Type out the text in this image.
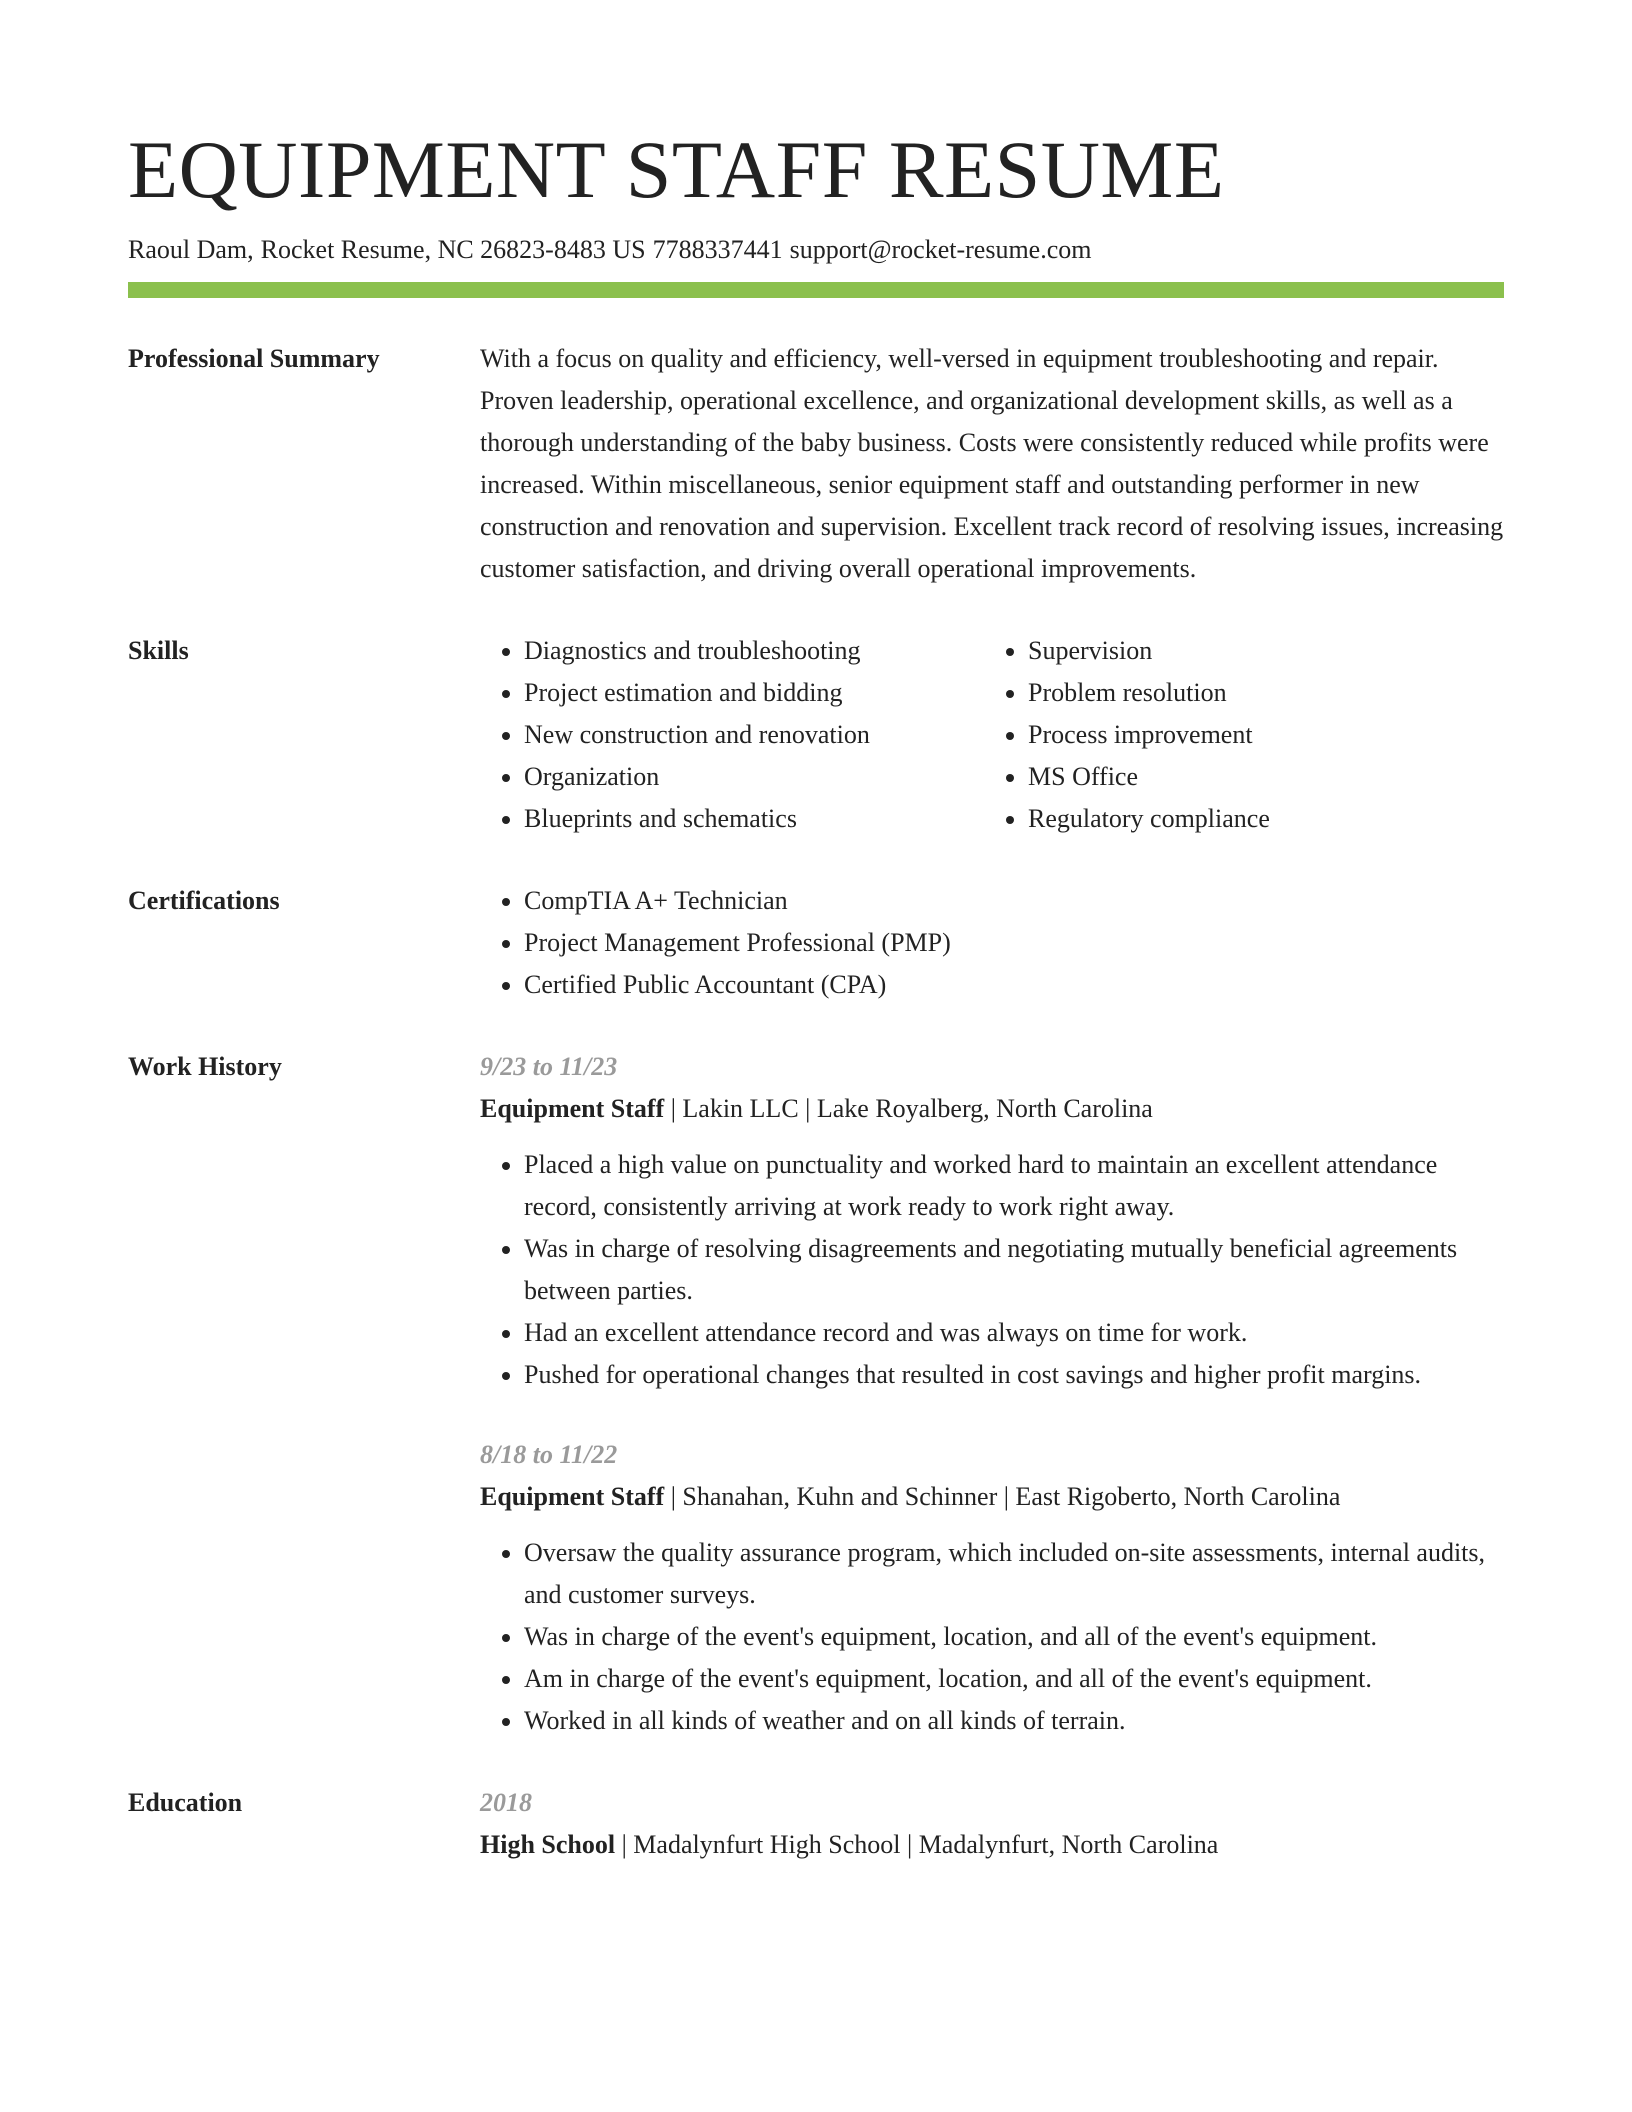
EQUIPMENT STAFF RESUME
Raoul Dam, Rocket Resume, NC 26823-8483 US 7788337441 support@rocket-resume.com
Professional Summary	With a focus on quality and efficiency, well-versed in equipment troubleshooting and repair. Proven leadership, operational excellence, and organizational development skills, as well as a thorough understanding of the baby business. Costs were consistently reduced while profits were increased. Within miscellaneous, senior equipment staff and outstanding performer in new construction and renovation and supervision. Excellent track record of resolving issues, increasing customer satisfaction, and driving overall operational improvements.

Skills	• Diagnostics and troubleshooting
• Project estimation and bidding
• New construction and renovation
• Organization
• Blueprints and schematics
• Supervision
• Problem resolution
• Process improvement
• MS Office
• Regulatory compliance
Certifications	• CompTIA A+ Technician
• Project Management Professional (PMP)
• Certified Public Accountant (CPA)
Work History	9/23 to 11/23
Equipment Staff | Lakin LLC | Lake Royalberg, North Carolina
• Placed a high value on punctuality and worked hard to maintain an excellent attendance record, consistently arriving at work ready to work right away.
• Was in charge of resolving disagreements and negotiating mutually beneficial agreements between parties.
• Had an excellent attendance record and was always on time for work.
• Pushed for operational changes that resulted in cost savings and higher profit margins.
8/18 to 11/22
Equipment Staff | Shanahan, Kuhn and Schinner | East Rigoberto, North Carolina
• Oversaw the quality assurance program, which included on-site assessments, internal audits, and customer surveys.
• Was in charge of the event's equipment, location, and all of the event's equipment.
• Am in charge of the event's equipment, location, and all of the event's equipment.
• Worked in all kinds of weather and on all kinds of terrain.
Education	2018
High School | Madalynfurt High School | Madalynfurt, North Carolina
